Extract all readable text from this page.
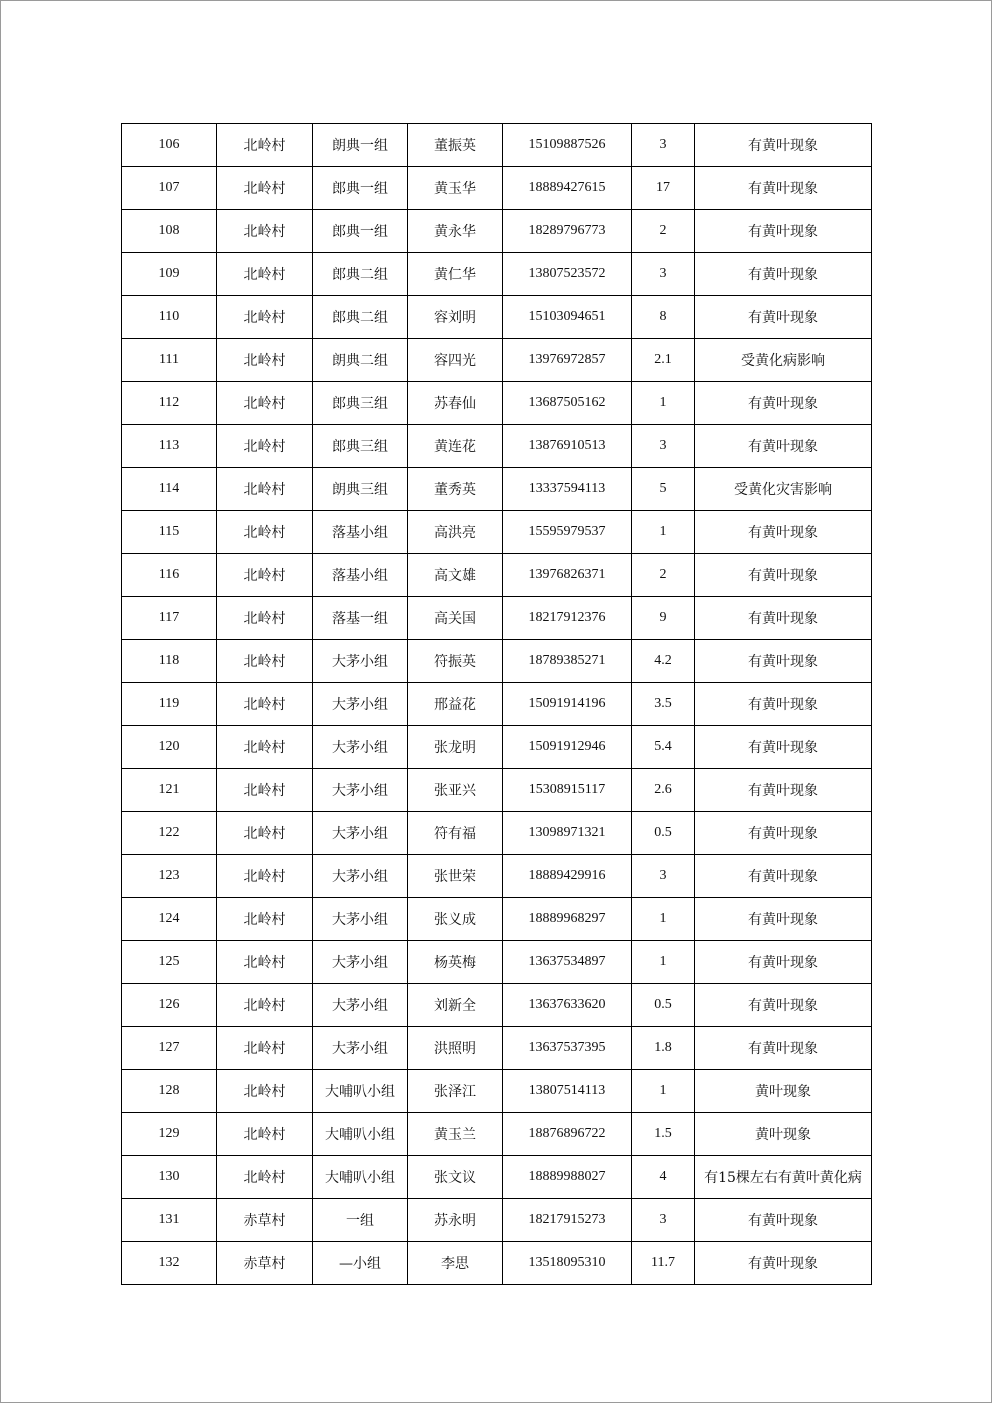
106	北岭村	朗典一组	董振英	15109887526	3	有黄叶现象
107	北岭村	郎典一组	黄玉华	18889427615	17	有黄叶现象
108	北岭村	郎典一组	黄永华	18289796773	2	有黄叶现象
109	北岭村	郎典二组	黄仁华	13807523572	3	有黄叶现象
110	北岭村	郎典二组	容刘明	15103094651	8	有黄叶现象
111	北岭村	朗典二组	容四光	13976972857	2.1	受黄化病影响
112	北岭村	郎典三组	苏春仙	13687505162	1	有黄叶现象
113	北岭村	郎典三组	黄连花	13876910513	3	有黄叶现象
114	北岭村	朗典三组	董秀英	13337594113	5	受黄化灾害影响
115	北岭村	落基小组	高洪亮	15595979537	1	有黄叶现象
116	北岭村	落基小组	高文雄	13976826371	2	有黄叶现象
117	北岭村	落基一组	高关国	18217912376	9	有黄叶现象
118	北岭村	大茅小组	符振英	18789385271	4.2	有黄叶现象
119	北岭村	大茅小组	邢益花	15091914196	3.5	有黄叶现象
120	北岭村	大茅小组	张龙明	15091912946	5.4	有黄叶现象
121	北岭村	大茅小组	张亚兴	15308915117	2.6	有黄叶现象
122	北岭村	大茅小组	符有福	13098971321	0.5	有黄叶现象
123	北岭村	大茅小组	张世荣	18889429916	3	有黄叶现象
124	北岭村	大茅小组	张义成	18889968297	1	有黄叶现象
125	北岭村	大茅小组	杨英梅	13637534897	1	有黄叶现象
126	北岭村	大茅小组	刘新全	13637633620	0.5	有黄叶现象
127	北岭村	大茅小组	洪照明	13637537395	1.8	有黄叶现象
128	北岭村	大哺叭小组	张泽江	13807514113	1	黄叶现象
129	北岭村	大哺叭小组	黄玉兰	18876896722	1.5	黄叶现象
130	北岭村	大哺叭小组	张文议	18889988027	4	有15棵左右有黄叶黄化病
131	赤草村	一组	苏永明	18217915273	3	有黄叶现象
132	赤草村	—小组	李思	13518095310	11.7	有黄叶现象
